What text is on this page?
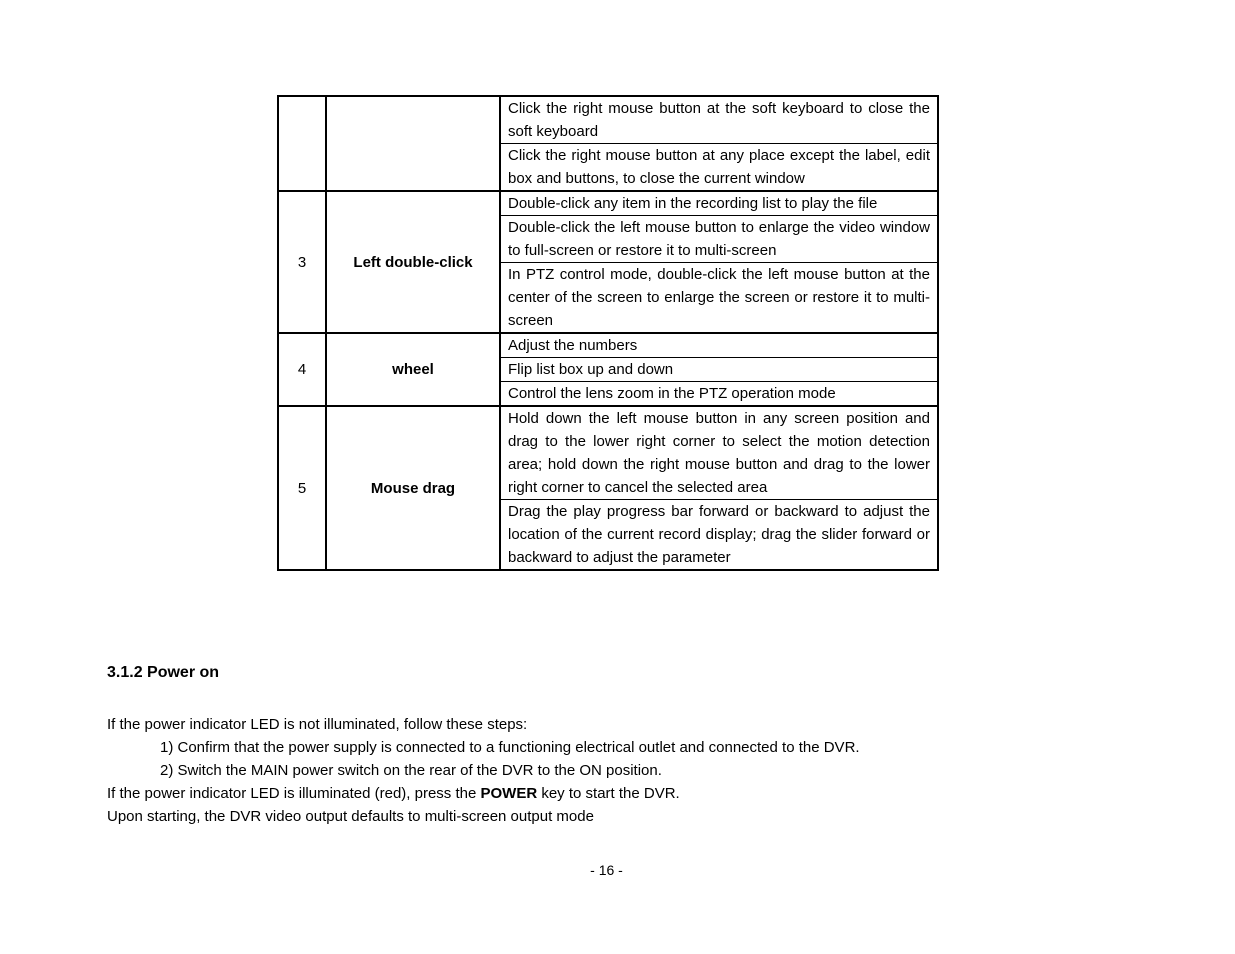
		Click the right mouse button at the soft keyboard to close the soft keyboard
Click the right mouse button at any place except the label, edit box and buttons, to close the current window

3	Left double-click	Double-click any item in the recording list to play the file
Double-click the left mouse button to enlarge the video window to full-screen or restore it to multi-screen
In PTZ control mode, double-click the left mouse button at the center of the screen to enlarge the screen or restore it to multi-screen

4	wheel	Adjust the numbers
Flip list box up and down
Control the lens zoom in the PTZ operation mode

5	Mouse drag	Hold down the left mouse button in any screen position and drag to the lower right corner to select the motion detection area; hold down the right mouse button and drag to the lower right corner to cancel the selected area
Drag the play progress bar forward or backward to adjust the location of the current record display; drag the slider forward or backward to adjust the parameter
3.1.2 Power on

If the power indicator LED is not illuminated, follow these steps:

1) Confirm that the power supply is connected to a functioning electrical outlet and connected to the DVR.

2) Switch the MAIN power switch on the rear of the DVR to the ON position.

If the power indicator LED is illuminated (red), press the POWER key to start the DVR.

Upon starting, the DVR video output defaults to multi-screen output mode

- 16 -
